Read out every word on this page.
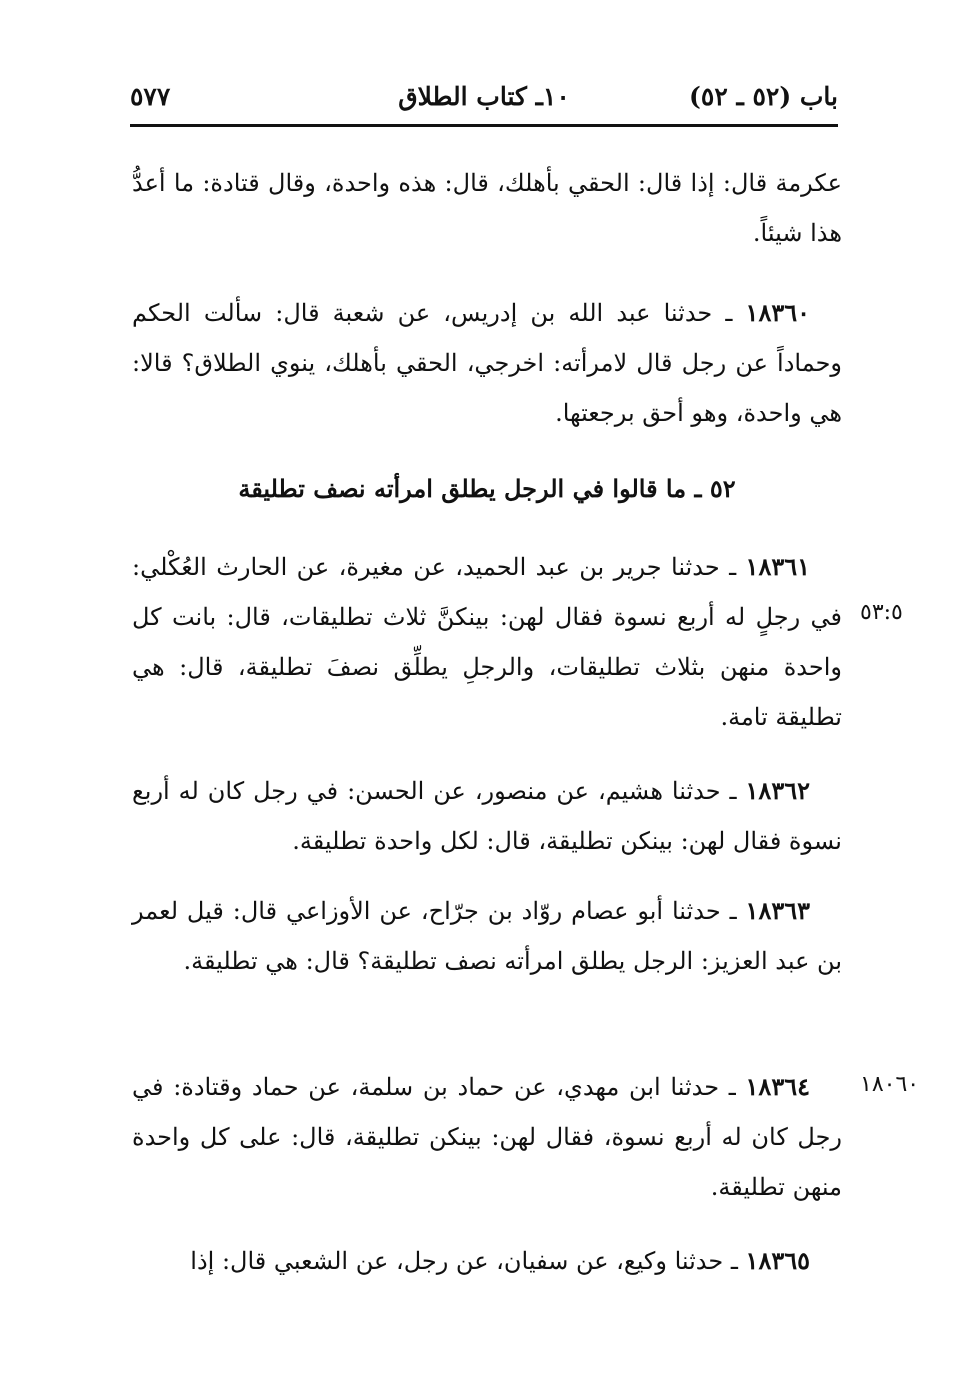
باب (٥٢ ـ ٥٢)
١٠ـ كتاب الطلاق
٥٧٧
عكرمة قال: إذا قال: الحقي بأهلك، قال: هذه واحدة، وقال قتادة: ما أعدُّ هذا شيئاً.
١٨٣٦٠ ـ حدثنا عبد الله بن إدريس، عن شعبة قال: سألت الحكم وحماداً عن رجل قال لامرأته: اخرجي، الحقي بأهلك، ينوي الطلاق؟ قالا: هي واحدة، وهو أحق برجعتها.
٥٢ ـ ما قالوا في الرجل يطلق امرأته نصف تطليقة
١٨٣٦١ ـ حدثنا جرير بن عبد الحميد، عن مغيرة، عن الحارث العُكْلي: في رجلٍ له أربع نسوة فقال لهن: بينكنَّ ثلاث تطليقات، قال: بانت كل واحدة منهن بثلاث تطليقات، والرجلِ يطلِّق نصفَ تطليقة، قال: هي تطليقة تامة.
٥٣:٥
١٨٣٦٢ ـ حدثنا هشيم، عن منصور، عن الحسن: في رجل كان له أربع نسوة فقال لهن: بينكن تطليقة، قال: لكل واحدة تطليقة.
١٨٣٦٣ ـ حدثنا أبو عصام روّاد بن جرّاح، عن الأوزاعي قال: قيل لعمر بن عبد العزيز: الرجل يطلق امرأته نصف تطليقة؟ قال: هي تطليقة.
١٨٣٦٤ ـ حدثنا ابن مهدي، عن حماد بن سلمة، عن حماد وقتادة: في رجل كان له أربع نسوة، فقال لهن: بينكن تطليقة، قال: على كل واحدة منهن تطليقة.
١٨٠٦٠
١٨٣٦٥ ـ حدثنا وكيع، عن سفيان، عن رجل، عن الشعبي قال: إذا
